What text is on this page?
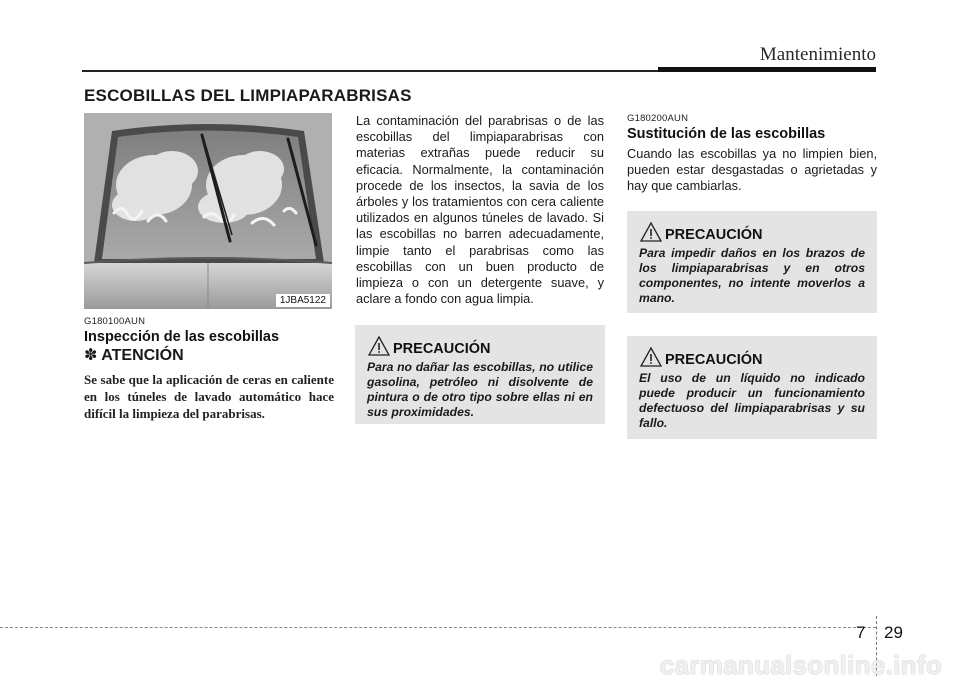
Mantenimiento
ESCOBILLAS DEL LIMPIAPARABRISAS
1JBA5122
G180100AUN
Inspección de las escobillas
✽ ATENCIÓN
Se sabe que la aplicación de ceras en caliente en los túneles de lavado automático hace difícil la limpieza del parabrisas.
La contaminación del parabrisas o de las escobillas del limpiaparabrisas con materias extrañas puede reducir su eficacia. Normalmente, la contaminación procede de los insectos, la savia de los árboles y los tratamientos con cera caliente utilizados en algunos túneles de lavado. Si las escobillas no barren adecuadamente, limpie tanto el parabrisas como las escobillas con un buen producto de limpieza o con un detergente suave, y aclare a fondo con agua limpia.
PRECAUCIÓN
Para no dañar las escobillas, no utilice gasolina, petróleo ni disolvente de pintura o de otro tipo sobre ellas ni en sus proximidades.
G180200AUN
Sustitución de las escobillas
Cuando las escobillas ya no limpien bien, pueden estar desgastadas o agrietadas y hay que cambiarlas.
PRECAUCIÓN
Para impedir daños en los brazos de los limpiaparabrisas y en otros componentes, no intente moverlos a mano.
PRECAUCIÓN
El uso de un líquido no indicado puede producir un funcionamiento defectuoso del limpiaparabrisas y su fallo.
7 29
carmanualsonline.info
